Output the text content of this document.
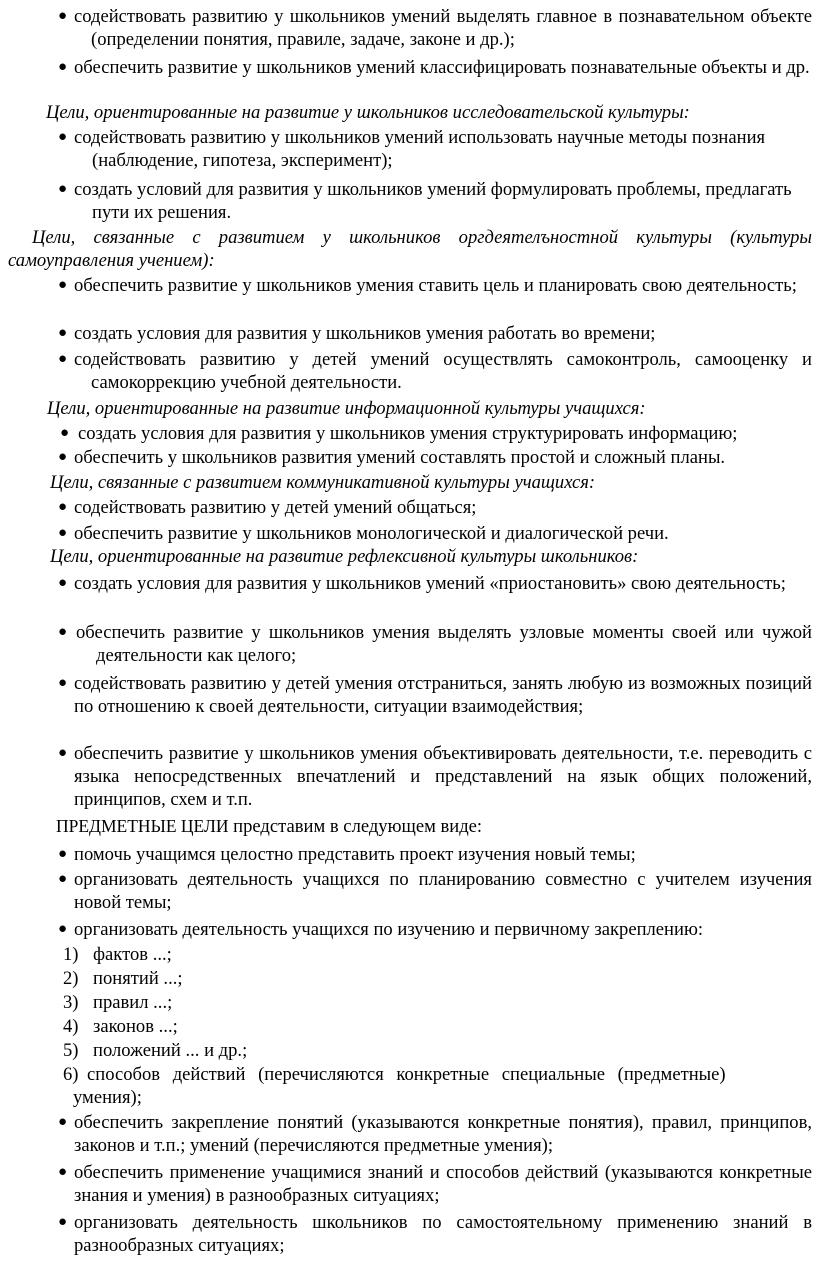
● содействовать развитию у школьников умений выделять главное в познавательном объекте (определении понятия, правиле, задаче, законе и др.);
● обеспечить развитие у школьников умений классифицировать познавательные объекты и др.
Цели, ориентированные на развитие у школьников исследовательской культуры:
● содействовать развитию у школьников умений использовать научные методы познания (наблюдение, гипотеза, эксперимент);
● создать условий для развития у школьников умений формулировать проблемы, предлагать пути их решения.
Цели, связанные с развитием у школьников оргдеятелъностной культуры (культуры самоуправления учением):
● обеспечить развитие у школьников умения ставить цель и планировать свою деятельность;
● создать условия для развития у школьников умения работать во времени;
● содействовать развитию у детей умений осуществлять самоконтроль, самооценку и самокоррекцию учебной деятельности.
Цели, ориентированные на развитие информационной культуры учащихся:
● создать условия для развития у школьников умения структурировать информацию;
● обеспечить у школьников развития умений составлять простой и сложный планы.
Цели, связанные с развитием коммуникативной культуры учащихся:
● содействовать развитию у детей умений общаться;
● обеспечить развитие у школьников монологической и диалогической речи.
Цели, ориентированные на развитие рефлексивной культуры школьников:
● создать условия для развития у школьников умений «приостановить» свою деятельность;
● обеспечить развитие у школьников умения выделять узловые моменты своей или чужой деятельности как целого;
● содействовать развитию у детей умения отстраниться, занять любую из возможных позиций по отношению к своей деятельности, ситуации взаимодействия;
● обеспечить развитие у школьников умения объективировать деятельности, т.е. переводить с языка непосредственных впечатлений и представлений на язык общих положений, принципов, схем и т.п.
ПРЕДМЕТНЫЕ ЦЕЛИ представим в следующем виде:
● помочь учащимся целостно представить проект изучения новый темы;
● организовать деятельность учащихся по планированию совместно с учителем изучения новой темы;
● организовать деятельность учащихся по изучению и первичному закреплению:
1) фактов ...;
2) понятий ...;
3) правил ...;
4) законов ...;
5) положений ... и др.;
6) способов действий (перечисляются конкретные специальные (предметные)
умения);
● обеспечить закрепление понятий (указываются конкретные понятия), правил, принципов, законов и т.п.; умений (перечисляются предметные умения);
● обеспечить применение учащимися знаний и способов действий (указываются конкретные знания и умения) в разнообразных ситуациях;
● организовать деятельность школьников по самостоятельному применению знаний в разнообразных ситуациях;
